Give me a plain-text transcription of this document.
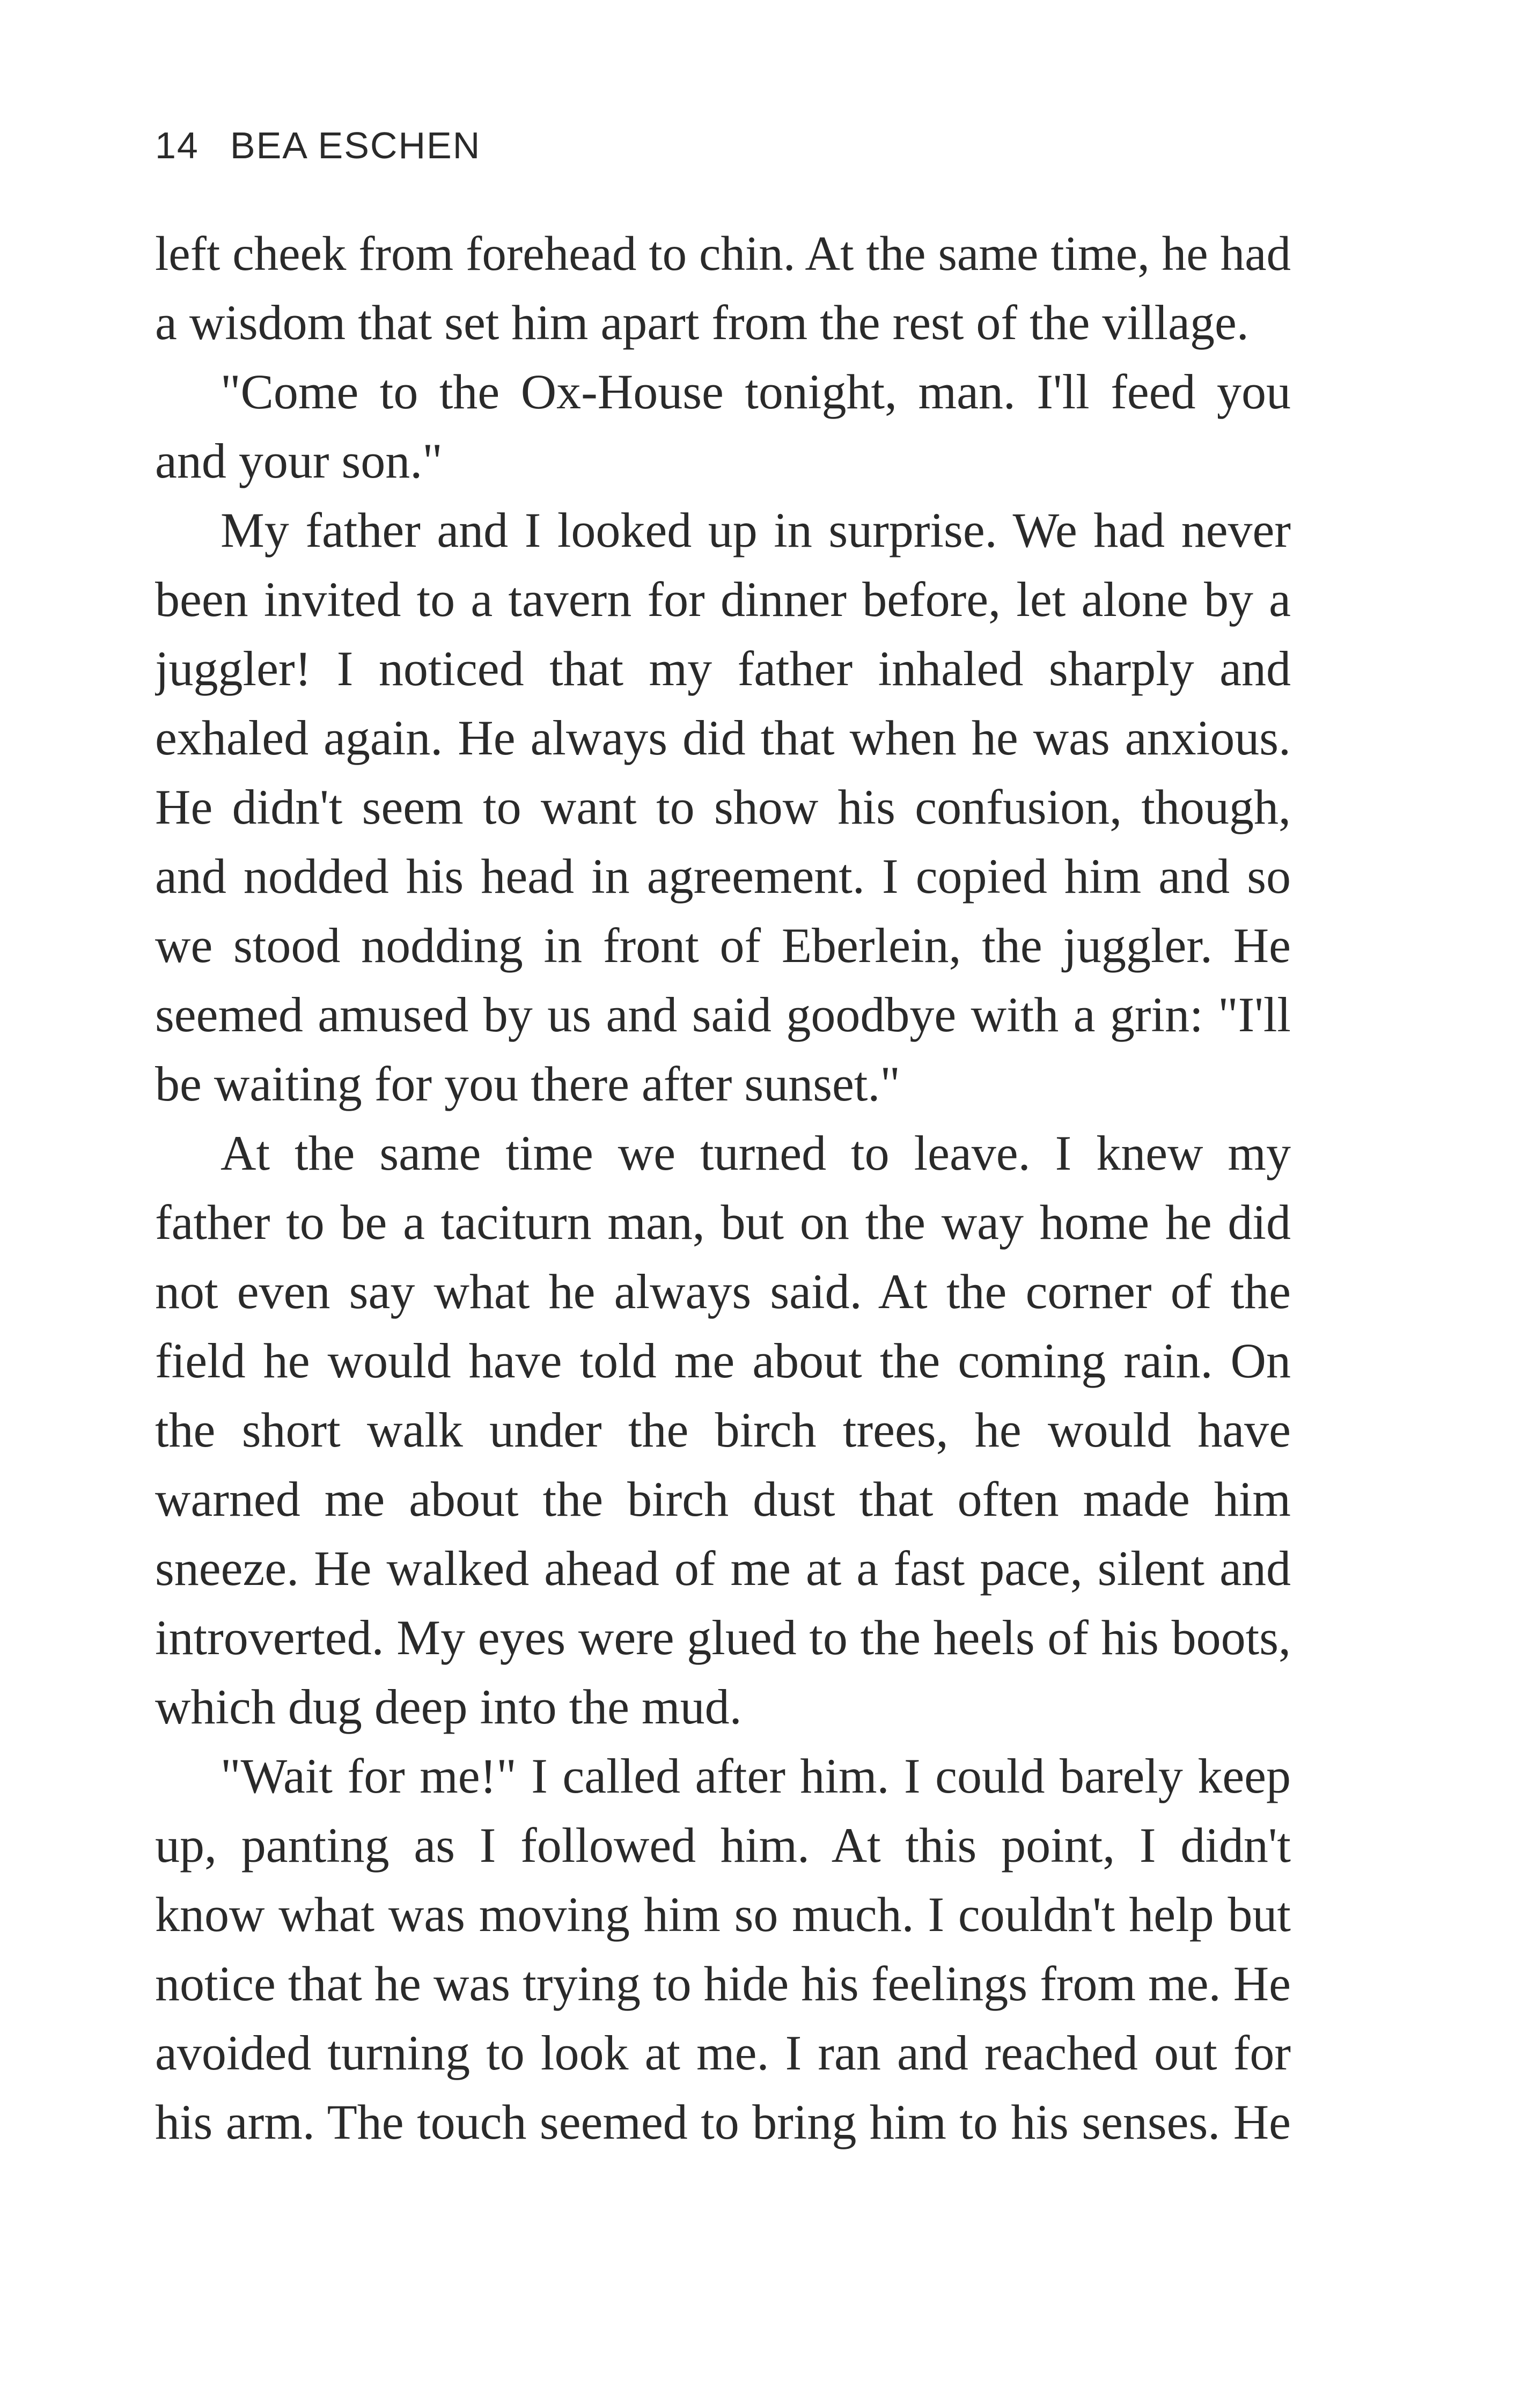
14 BEA ESCHEN
left cheek from forehead to chin. At the same time, he had
a wisdom that set him apart from the rest of the village.
"Come to the Ox-House tonight, man. I'll feed you
and your son."
My father and I looked up in surprise. We had never
been invited to a tavern for dinner before, let alone by a
juggler! I noticed that my father inhaled sharply and
exhaled again. He always did that when he was anxious.
He didn't seem to want to show his confusion, though,
and nodded his head in agreement. I copied him and so
we stood nodding in front of Eberlein, the juggler. He
seemed amused by us and said goodbye with a grin: "I'll
be waiting for you there after sunset."
At the same time we turned to leave. I knew my
father to be a taciturn man, but on the way home he did
not even say what he always said. At the corner of the
field he would have told me about the coming rain. On
the short walk under the birch trees, he would have
warned me about the birch dust that often made him
sneeze. He walked ahead of me at a fast pace, silent and
introverted. My eyes were glued to the heels of his boots,
which dug deep into the mud.
"Wait for me!" I called after him. I could barely keep
up, panting as I followed him. At this point, I didn't
know what was moving him so much. I couldn't help but
notice that he was trying to hide his feelings from me. He
avoided turning to look at me. I ran and reached out for
his arm. The touch seemed to bring him to his senses. He
